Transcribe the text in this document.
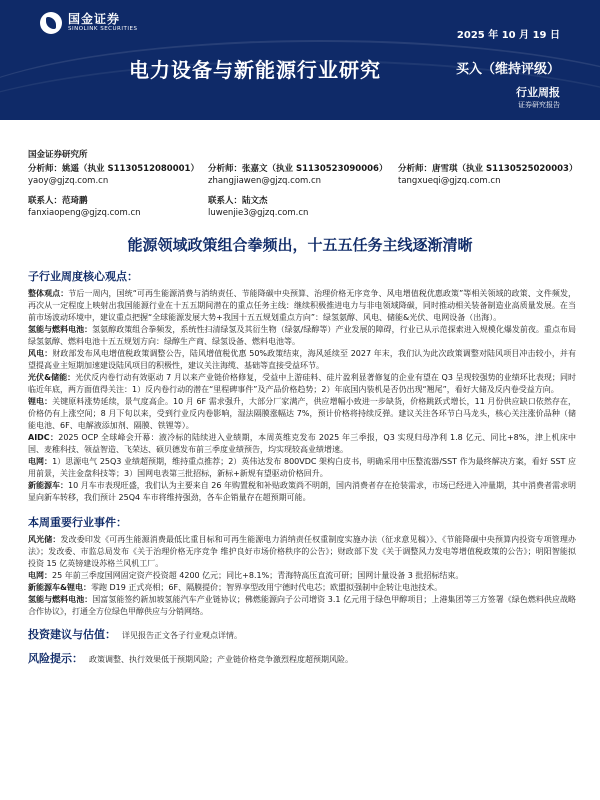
国金证券
SINOLINK SECURITIES
2025 年 10 月 19 日
电力设备与新能源行业研究	买入（维持评级）
行业周报
证券研究报告
国金证券研究所
分析师：姚遥（执业 S1130512080001）
yaoy@gjzq.com.cn
分析师：张嘉文（执业 S1130523090006）
zhangjiawen@gjzq.com.cn
分析师：唐雪琪（执业 S1130525020003）
tangxueqi@gjzq.com.cn
联系人：范琦鹏
fanxiaopeng@gjzq.com.cn
联系人：陆文杰
luwenjie3@gjzq.com.cn
能源领域政策组合拳频出，十五五任务主线逐渐清晰
子行业周度核心观点：

整体观点：节后一周内，国统“可再生能源消费与消纳责任、节能降碳中央预算、治理价格无序竞争、风电增值税优惠政策”等相关领域的政策、文件频发，再次从一定程度上映射出我国能源行业在十五五期间潜在的重点任务主线：继续积极推进电力与非电领域降碳，同时推动相关装备制造业高质量发展。在当前市场波动环境中，建议重点把握“全球能源发展大势+我国十五五规划重点方向”：绿氢氨醇、风电、储能&光伏、电网设备（出海）。

氢能与燃料电池：氢氨醇政策组合拳频发，系统性扫清绿氢及其衍生物（绿氨/绿醇等）产业发展的障碍，行业已从示范探索进入规模化爆发前夜。重点布局绿氢氨醇、燃料电池十五五规划方向：绿醇生产商、绿氢设备、燃料电池等。

风电：财政部发布风电增值税政策调整公告，陆风增值税优惠 50%政策结束，海风延续至 2027 年末，我们认为此次政策调整对陆风项目冲击较小，并有望提高业主短期加速建设陆风项目的积极性，建议关注海缆、基础等直接受益环节。

光伏&储能：光伏反内卷行动有效驱动 7 月以来产业链价格修复，受益中上游硅料、硅片盈利显著修复的企业有望在 Q3 呈现较强势的业绩环比表现；同时临近年底，两方面值得关注：1）反内卷行动的潜在“里程碑事件”及产品价格趋势；2）年底国内装机是否仍出现“翘尾”，看好大储及反内卷受益方向。

锂电：关键原料涨势延续，景气度高企。10 月 6F 需求强升，大部分厂家满产，供应增幅小致进一步缺货，价格跳跃式增长，11 月份供应缺口依然存在，价格仍有上涨空间；8 月下旬以来，受到行业反内卷影响，湿法隔膜涨幅达 7%，预计价格将持续反弹。建议关注各环节白马龙头，核心关注涨价品种（储能电池、6F、电解液添加剂、隔膜、铁锂等）。

AIDC：2025 OCP 全球峰会开幕：液冷标的陆续进入业绩期，本周英维克发布 2025 年三季报，Q3 实现归母净利 1.8 亿元、同比+8%，津上机床中国、麦稚科技、领益智造、飞荣达、硕贝德发布前三季度业绩预告，均实现较高业绩增速。

电网：1）思源电气 25Q3 业绩超预期，维持重点推荐；2）英伟达发布 800VDC 架构白皮书，明确采用中压整流器/SST 作为最终解决方案，看好 SST 应用前景，关注金盘科技等；3）国网电表第三批招标，新标+新规有望驱动价格回升。

新能源车：10 月车市表现旺盛，我们认为主要来自 26 年购置税和补贴政策尚不明朗，国内消费者存在抢装需求，市场已经进入冲量期，其中消费者需求明显向新车转移，我们预计 25Q4 车市将维持强劲，各车企销量存在超预期可能。

本周重要行业事件：

风光储：发改委印发《可再生能源消费最低比重目标和可再生能源电力消纳责任权重制度实施办法（征求意见稿）》、《节能降碳中央预算内投资专项管理办法》；发改委、市监总局发布《关于治理价格无序竞争 维护良好市场价格秩序的公告》；财政部下发《关于调整风力发电等增值税政策的公告》；明阳智能拟投资 15 亿英镑建设苏格兰风机工厂。

电网：25 年前三季度国网固定资产投资超 4200 亿元；同比+8.1%；青海特高压直流可研；国网计量设备 3 批招标结束。

新能源车&锂电：零跑 D19 正式亮相；6F、隔膜提价；智界享型改用宁德时代电芯；欧盟拟强制中企转让电池技术。

氢能与燃料电池：国富氢能签约新加坡氢能汽车产业链协议；佛燃能源向子公司增资 3.1 亿元用于绿色甲醇项目；上港集团等三方签署《绿色燃料供应战略合作协议》，打通全方位绿色甲醇供应与分销网络。

投资建议与估值： 详见报告正文各子行业观点详情。

风险提示： 政策调整、执行效果低于预期风险；产业链价格竞争激烈程度超预期风险。
